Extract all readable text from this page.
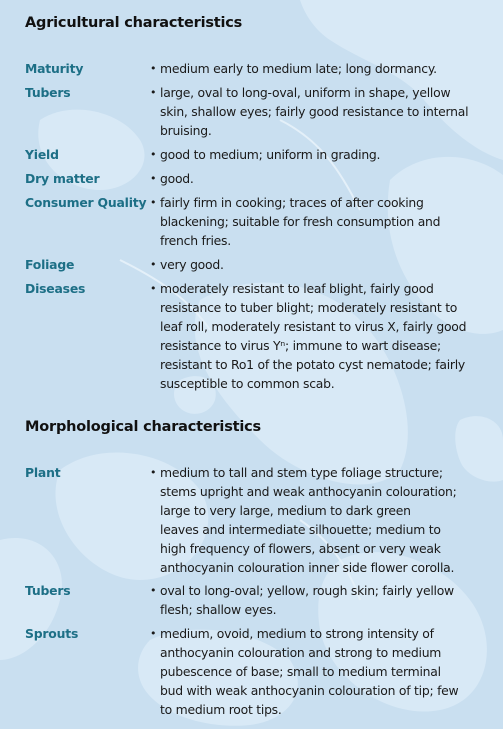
Agricultural characteristics
Maturity	• medium early to medium late; long dormancy.
Tubers	• large, oval to long-oval, uniform in shape, yellow
skin, shallow eyes; fairly good resistance to internal
bruising.
Yield	• good to medium; uniform in grading.
Dry matter	• good.
Consumer Quality • fairly firm in cooking; traces of after cooking
blackening; suitable for fresh consumption and
french fries.
Foliage	• very good.
Diseases	• moderately resistant to leaf blight, fairly good
resistance to tuber blight; moderately resistant to
leaf roll, moderately resistant to virus X, fairly good
resistance to virus Yⁿ; immune to wart disease;
resistant to Ro1 of the potato cyst nematode; fairly
susceptible to common scab.
Morphological characteristics
Plant	• medium to tall and stem type foliage structure;
stems upright and weak anthocyanin colouration;
large to very large, medium to dark green
leaves and intermediate silhouette; medium to
high frequency of flowers, absent or very weak
anthocyanin colouration inner side flower corolla.
Tubers	• oval to long-oval; yellow, rough skin; fairly yellow
flesh; shallow eyes.
Sprouts	• medium, ovoid, medium to strong intensity of
anthocyanin colouration and strong to medium
pubescence of base; small to medium terminal
bud with weak anthocyanin colouration of tip; few
to medium root tips.
